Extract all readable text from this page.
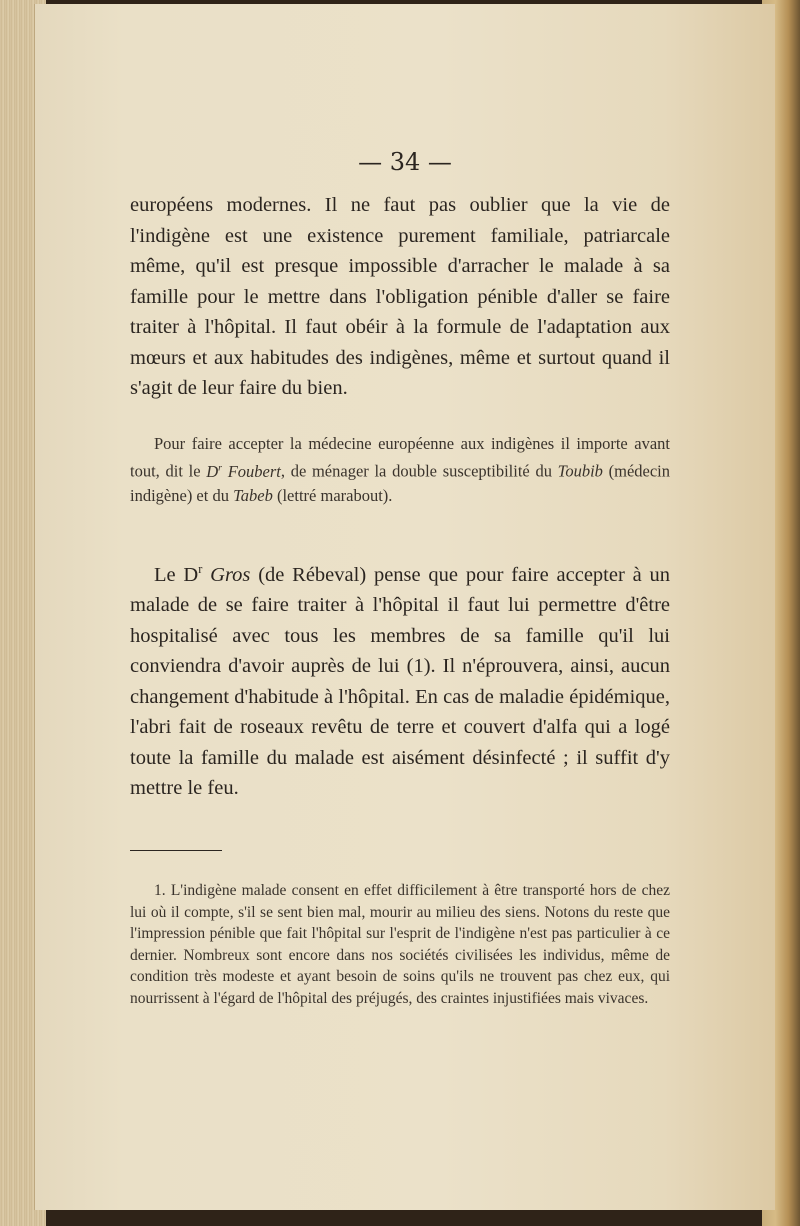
— 34 —

européens modernes. Il ne faut pas oublier que la vie de l'indigène est une existence purement familiale, patriarcale même, qu'il est presque impossible d'arracher le malade à sa famille pour le mettre dans l'obligation pénible d'aller se faire traiter à l'hôpital. Il faut obéir à la formule de l'adaptation aux mœurs et aux habitudes des indigènes, même et surtout quand il s'agit de leur faire du bien.

Pour faire accepter la médecine européenne aux indigènes il importe avant tout, dit le $D^r$ Foubert, de ménager la double susceptibilité du Toubib (médecin indigène) et du Tabeb (lettré marabout).

Le $D^r$ Gros (de Rébeval) pense que pour faire accepter à un malade de se faire traiter à l'hôpital il faut lui permettre d'être hospitalisé avec tous les membres de sa famille qu'il lui conviendra d'avoir auprès de lui (1). Il n'éprouvera, ainsi, aucun changement d'habitude à l'hôpital. En cas de maladie épidémique, l'abri fait de roseaux revêtu de terre et couvert d'alfa qui a logé toute la famille du malade est aisément désinfecté ; il suffit d'y mettre le feu.

1. L'indigène malade consent en effet difficilement à être transporté hors de chez lui où il compte, s'il se sent bien mal, mourir au milieu des siens. Notons du reste que l'impression pénible que fait l'hôpital sur l'esprit de l'indigène n'est pas particulier à ce dernier. Nombreux sont encore dans nos sociétés civilisées les individus, même de condition très modeste et ayant besoin de soins qu'ils ne trouvent pas chez eux, qui nourrissent à l'égard de l'hôpital des préjugés, des craintes injustifiées mais vivaces.
